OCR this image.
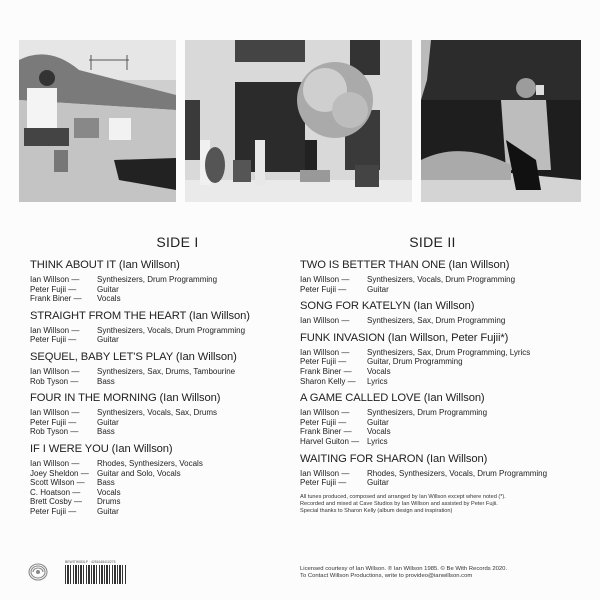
SIDE I
THINK ABOUT IT (Ian Willson)
Ian Willson —	Synthesizers, Drum Programming
Peter Fujii —	Guitar
Frank Biner —	Vocals
STRAIGHT FROM THE HEART (Ian Willson)
Ian Willson —	Synthesizers, Vocals, Drum Programming
Peter Fujii —	Guitar
SEQUEL, BABY LET'S PLAY (Ian Willson)
Ian Willson —	Synthesizers, Sax, Drums, Tambourine
Rob Tyson —	Bass
FOUR IN THE MORNING (Ian Willson)
Ian Willson —	Synthesizers, Vocals, Sax, Drums
Peter Fujii —	Guitar
Rob Tyson —	Bass
IF I WERE YOU (Ian Willson)
Ian Willson —	Rhodes, Synthesizers, Vocals
Joey Sheldon —	Guitar and Solo, Vocals
Scott Wilson —	Bass
C. Hoatson —	Vocals
Brett Cosby —	Drums
Peter Fujii —	Guitar
SIDE II
TWO IS BETTER THAN ONE (Ian Willson)
Ian Willson —	Synthesizers, Vocals, Drum Programming
Peter Fujii —	Guitar
SONG FOR KATELYN (Ian Willson)
Ian Willson —	Synthesizers, Sax, Drum Programming
FUNK INVASION (Ian Willson, Peter Fujii*)
Ian Willson —	Synthesizers, Sax, Drum Programming, Lyrics
Peter Fujii —	Guitar, Drum Programming
Frank Biner —	Vocals
Sharon Kelly —	Lyrics
A GAME CALLED LOVE (Ian Willson)
Ian Willson —	Synthesizers, Drum Programming
Peter Fujii —	Guitar
Frank Biner —	Vocals
Harvel Guiton — Lyrics
WAITING FOR SHARON (Ian Willson)
Ian Willson —	Rhodes, Synthesizers, Vocals, Drum Programming
Peter Fujii —	Guitar
All tunes produced, composed and arranged by Ian Willson except where noted (*).
Recorded and mixed at Cave Studios by Ian Willson and assisted by Peter Fujii.
Special thanks to Sharon Kelly (album design and inspiration)
Licensed courtesy of Ian Willson. ℗ Ian Willson 1985. © Be With Records 2020.
To Contact Willson Productions, write to provideo@ianwillson.com
BEWITH083LP · 4251648410275
